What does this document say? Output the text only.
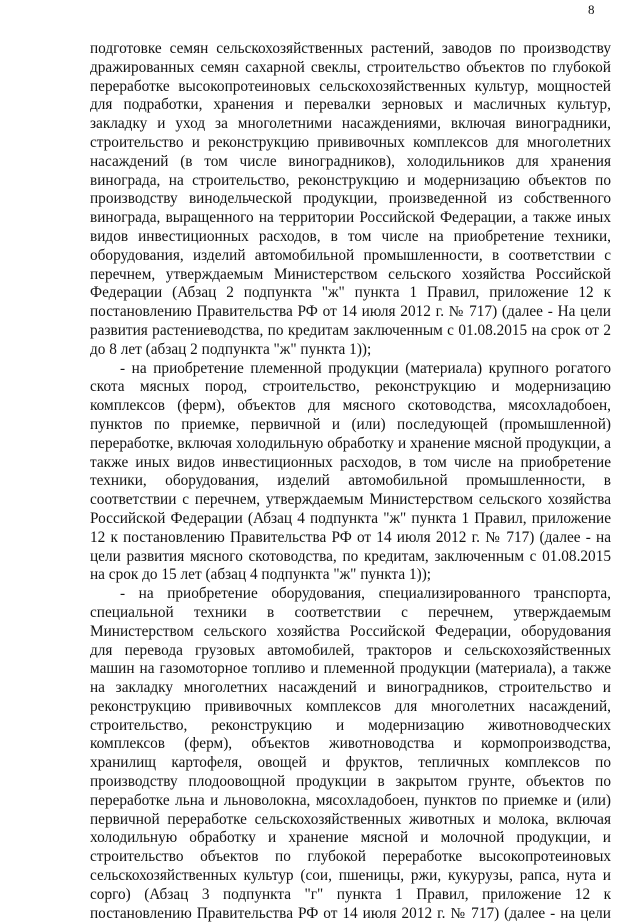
8
подготовке семян сельскохозяйственных растений, заводов по производству
дражированных семян сахарной свеклы, строительство объектов по глубокой
переработке высокопротеиновых сельскохозяйственных культур, мощностей
для подработки, хранения и перевалки зерновых и масличных культур,
закладку и уход за многолетними насаждениями, включая виноградники,
строительство и реконструкцию прививочных комплексов для многолетних
насаждений (в том числе виноградников), холодильников для хранения
винограда, на строительство, реконструкцию и модернизацию объектов по
производству винодельческой продукции, произведенной из собственного
винограда, выращенного на территории Российской Федерации, а также иных
видов инвестиционных расходов, в том числе на приобретение техники,
оборудования, изделий автомобильной промышленности, в соответствии с
перечнем, утверждаемым Министерством сельского хозяйства Российской
Федерации (Абзац 2 подпункта "ж" пункта 1 Правил, приложение 12 к
постановлению Правительства РФ от 14 июля 2012 г. № 717) (далее - На цели
развития растениеводства, по кредитам заключенным с 01.08.2015 на срок от 2
до 8 лет (абзац 2 подпункта "ж" пункта 1));
- на приобретение племенной продукции (материала) крупного рогатого
скота мясных пород, строительство, реконструкцию и модернизацию
комплексов (ферм), объектов для мясного скотоводства, мясохладобоен,
пунктов по приемке, первичной и (или) последующей (промышленной)
переработке, включая холодильную обработку и хранение мясной продукции, а
также иных видов инвестиционных расходов, в том числе на приобретение
техники, оборудования, изделий автомобильной промышленности, в
соответствии с перечнем, утверждаемым Министерством сельского хозяйства
Российской Федерации (Абзац 4 подпункта "ж" пункта 1 Правил, приложение
12 к постановлению Правительства РФ от 14 июля 2012 г. № 717) (далее - на
цели развития мясного скотоводства, по кредитам, заключенным с 01.08.2015
на срок до 15 лет (абзац 4 подпункта "ж" пункта 1));
- на приобретение оборудования, специализированного транспорта,
специальной техники в соответствии с перечнем, утверждаемым
Министерством сельского хозяйства Российской Федерации, оборудования
для перевода грузовых автомобилей, тракторов и сельскохозяйственных
машин на газомоторное топливо и племенной продукции (материала), а также
на закладку многолетних насаждений и виноградников, строительство и
реконструкцию прививочных комплексов для многолетних насаждений,
строительство, реконструкцию и модернизацию животноводческих
комплексов (ферм), объектов животноводства и кормопроизводства,
хранилищ картофеля, овощей и фруктов, тепличных комплексов по
производству плодоовощной продукции в закрытом грунте, объектов по
переработке льна и льноволокна, мясохладобоен, пунктов по приемке и (или)
первичной переработке сельскохозяйственных животных и молока, включая
холодильную обработку и хранение мясной и молочной продукции, и
строительство объектов по глубокой переработке высокопротеиновых
сельскохозяйственных культур (сои, пшеницы, ржи, кукурузы, рапса, нута и
сорго) (Абзац 3 подпункта "г" пункта 1 Правил, приложение 12 к
постановлению Правительства РФ от 14 июля 2012 г. № 717) (далее - на цели
